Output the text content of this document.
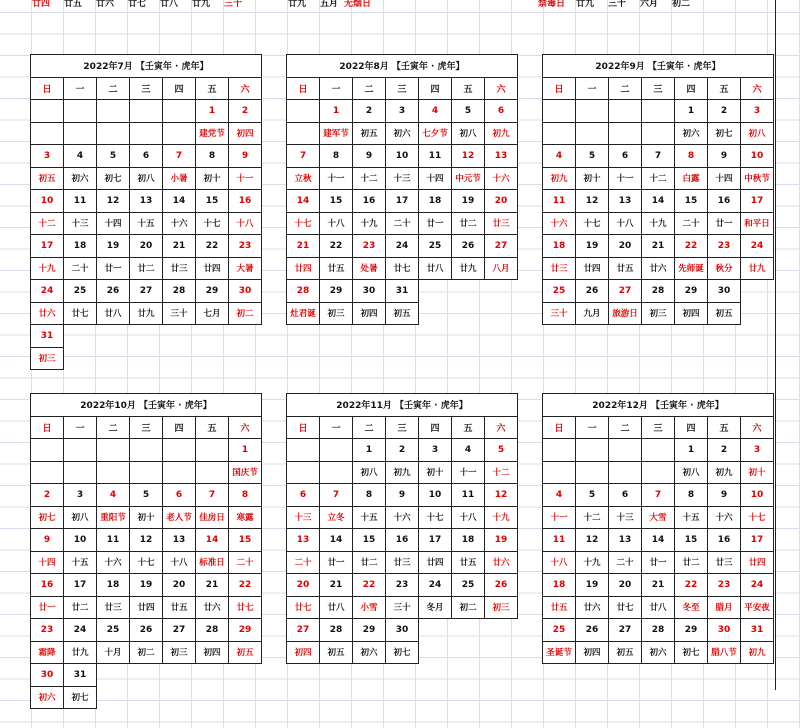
廿四 廿五 廿六 廿七 廿八 廿九 三十	廿九 五月 无烟日	禁毒日 廿九 三十 六月 初二
2022年7月 【壬寅年 · 虎年】						
日	一	二	三	四	五	六
					1	2
					建党节	初四
3	4	5	6	7	8	9
初五	初六	初七	初八	小暑	初十	十一
10	11	12	13	14	15	16
十二	十三	十四	十五	十六	十七	十八
17	18	19	20	21	22	23
十九	二十	廿一	廿二	廿三	廿四	大暑
24	25	26	27	28	29	30
廿六	廿七	廿八	廿九	三十	七月	初二
31						
初三						
2022年8月 【壬寅年 · 虎年】						
日	一	二	三	四	五	六
	1	2	3	4	5	6
	建军节	初五	初六	七夕节	初八	初九
7	8	9	10	11	12	13
立秋	十一	十二	十三	十四	中元节	十六
14	15	16	17	18	19	20
十七	十八	十九	二十	廿一	廿二	廿三
21	22	23	24	25	26	27
廿四	廿五	处暑	廿七	廿八	廿九	八月
28	29	30	31			
灶君诞	初三	初四	初五			
2022年9月 【壬寅年 · 虎年】						
日	一	二	三	四	五	六
				1	2	3
				初六	初七	初八
4	5	6	7	8	9	10
初九	初十	十一	十二	白露	十四	中秋节
11	12	13	14	15	16	17
十六	十七	十八	十九	二十	廿一	和平日
18	19	20	21	22	23	24
廿三	廿四	廿五	廿六	先师诞	秋分	廿九
25	26	27	28	29	30	
三十	九月	旅游日	初三	初四	初五	
2022年10月 【壬寅年 · 虎年】						
日	一	二	三	四	五	六
						1
						国庆节
2	3	4	5	6	7	8
初七	初八	重阳节	初十	老人节	佳房日	寒露
9	10	11	12	13	14	15
十四	十五	十六	十七	十八	标准日	二十
16	17	18	19	20	21	22
廿一	廿二	廿三	廿四	廿五	廿六	廿七
23	24	25	26	27	28	29
霜降	廿九	十月	初二	初三	初四	初五
30	31					
初六	初七					
2022年11月 【壬寅年 · 虎年】						
日	一	二	三	四	五	六
		1	2	3	4	5
		初八	初九	初十	十一	十二
6	7	8	9	10	11	12
十三	立冬	十五	十六	十七	十八	十九
13	14	15	16	17	18	19
二十	廿一	廿二	廿三	廿四	廿五	廿六
20	21	22	23	24	25	26
廿七	廿八	小雪	三十	冬月	初二	初三
27	28	29	30			
初四	初五	初六	初七			
2022年12月 【壬寅年 · 虎年】						
日	一	二	三	四	五	六
				1	2	3
				初八	初九	初十
4	5	6	7	8	9	10
十一	十二	十三	大雪	十五	十六	十七
11	12	13	14	15	16	17
十八	十九	二十	廿一	廿二	廿三	廿四
18	19	20	21	22	23	24
廿五	廿六	廿七	廿八	冬至	腊月	平安夜
25	26	27	28	29	30	31
圣诞节	初四	初五	初六	初七	腊八节	初九
